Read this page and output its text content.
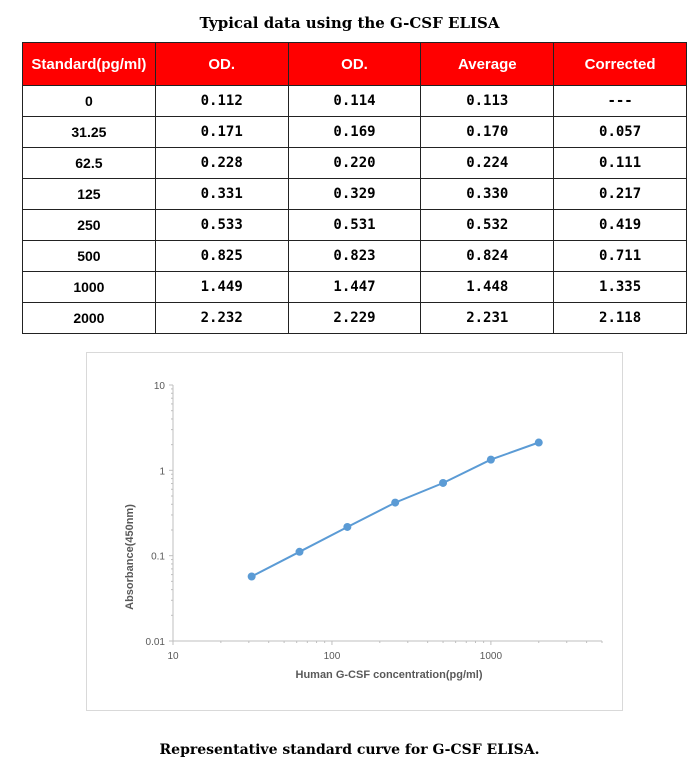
Typical data using the G-CSF ELISA
Standard(pg/ml)	OD.	OD.	Average	Corrected
0	0.112	0.114	0.113	---
31.25	0.171	0.169	0.170	0.057
62.5	0.228	0.220	0.224	0.111
125	0.331	0.329	0.330	0.217
250	0.533	0.531	0.532	0.419
500	0.825	0.823	0.824	0.711
1000	1.449	1.447	1.448	1.335
2000	2.232	2.229	2.231	2.118
Absorbance(450nm)
Human G-CSF concentration(pg/ml)
0.01
0.1
1
10
10	100	1000
Representative standard curve for G-CSF ELISA.
